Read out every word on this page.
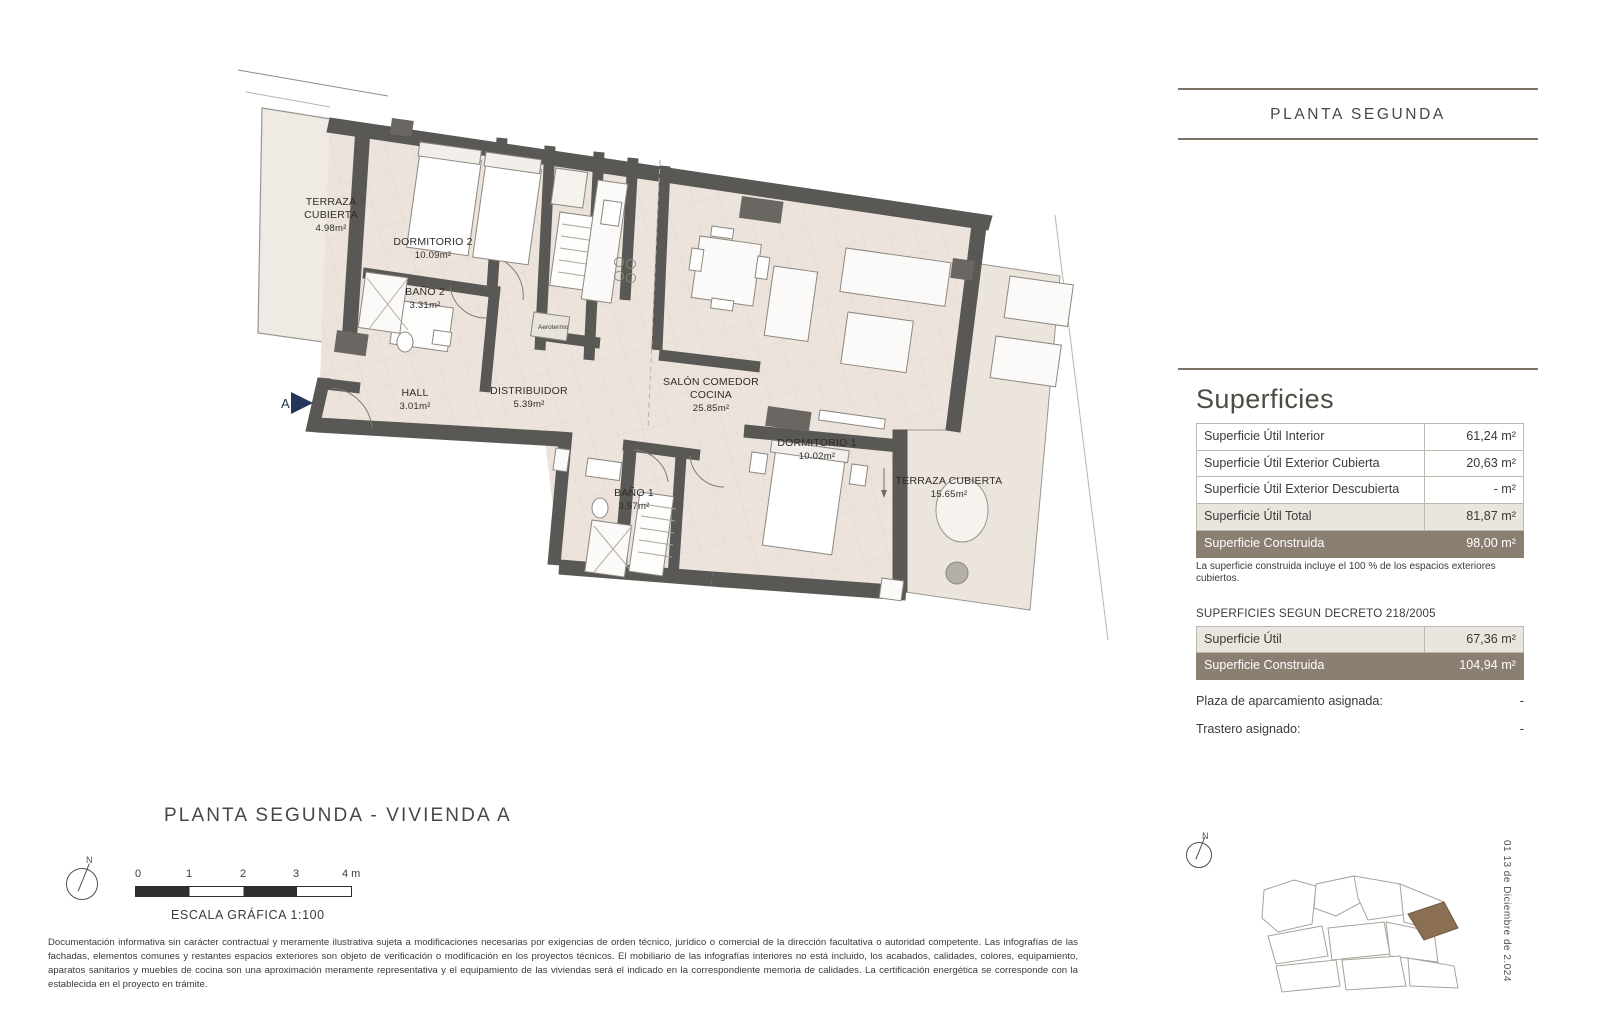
TERRAZA
CUBIERTA
4.98m²
DORMITORIO 2
10.09m²
BAÑO 2
3.31m²
HALL
3.01m²
DISTRIBUIDOR
5.39m²
SALÓN COMEDOR
COCINA
25.85m²
DORMITORIO 1
10.02m²
BAÑO 1
3.57m²
TERRAZA CUBIERTA
15.65m²
Aerotermo
A
PLANTA SEGUNDA
Superficies
Superficie Útil Interior	61,24 m²
Superficie Útil Exterior Cubierta	20,63 m²
Superficie Útil Exterior Descubierta	- m²
Superficie Útil Total	81,87 m²
Superficie Construida	98,00 m²
La superficie construida incluye el 100 % de los espacios exteriores cubiertos.
SUPERFICIES SEGUN DECRETO 218/2005
Superficie Útil	67,36 m²
Superficie Construida	104,94 m²
Plaza de aparcamiento asignada:	-
Trastero asignado:	-
PLANTA SEGUNDA - VIVIENDA A
N
0	1	2	3	4 m
ESCALA GRÁFICA 1:100
Documentación informativa sin carácter contractual y meramente ilustrativa sujeta a modificaciones necesarias por exigencias de orden técnico, jurídico o comercial de la dirección facultativa o autoridad competente. Las infografías de las fachadas, elementos comunes y restantes espacios exteriores son objeto de verificación o modificación en los proyectos técnicos. El mobiliario de las infografías interiores no está incluido, los acabados, calidades, colores, equipamiento, aparatos sanitarios y muebles de cocina son una aproximación meramente representativa y el equipamiento de las viviendas será el indicado en la correspondiente memoria de calidades. La certificación energética se corresponde con la establecida en el proyecto en trámite.
N
01 13 de Diciembre de 2.024
